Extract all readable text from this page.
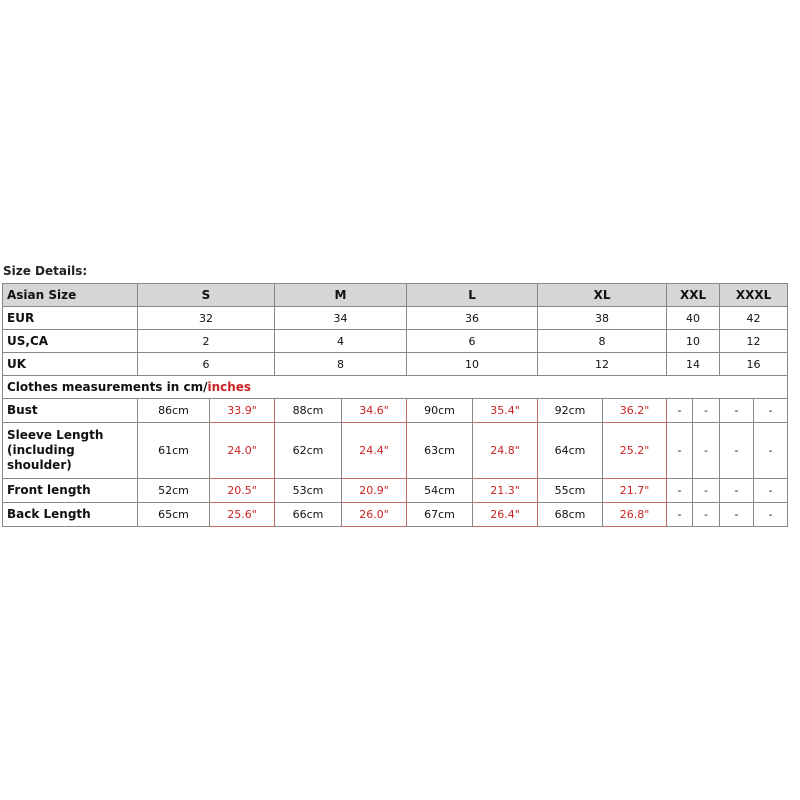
Size Details:
Asian Size	S		M		L		XL		XXL		XXXL	
EUR	32		34		36		38		40		42	
US,CA	2		4		6		8		10		12	
UK	6		8		10		12		14		16	
Clothes measurements in cm/inches												
Bust	86cm	33.9"	88cm	34.6"	90cm	35.4"	92cm	36.2"	-	-	-	-
Sleeve Length (including shoulder)	61cm	24.0"	62cm	24.4"	63cm	24.8"	64cm	25.2"	-	-	-	-
Front length	52cm	20.5"	53cm	20.9"	54cm	21.3"	55cm	21.7"	-	-	-	-
Back Length	65cm	25.6"	66cm	26.0"	67cm	26.4"	68cm	26.8"	-	-	-	-
